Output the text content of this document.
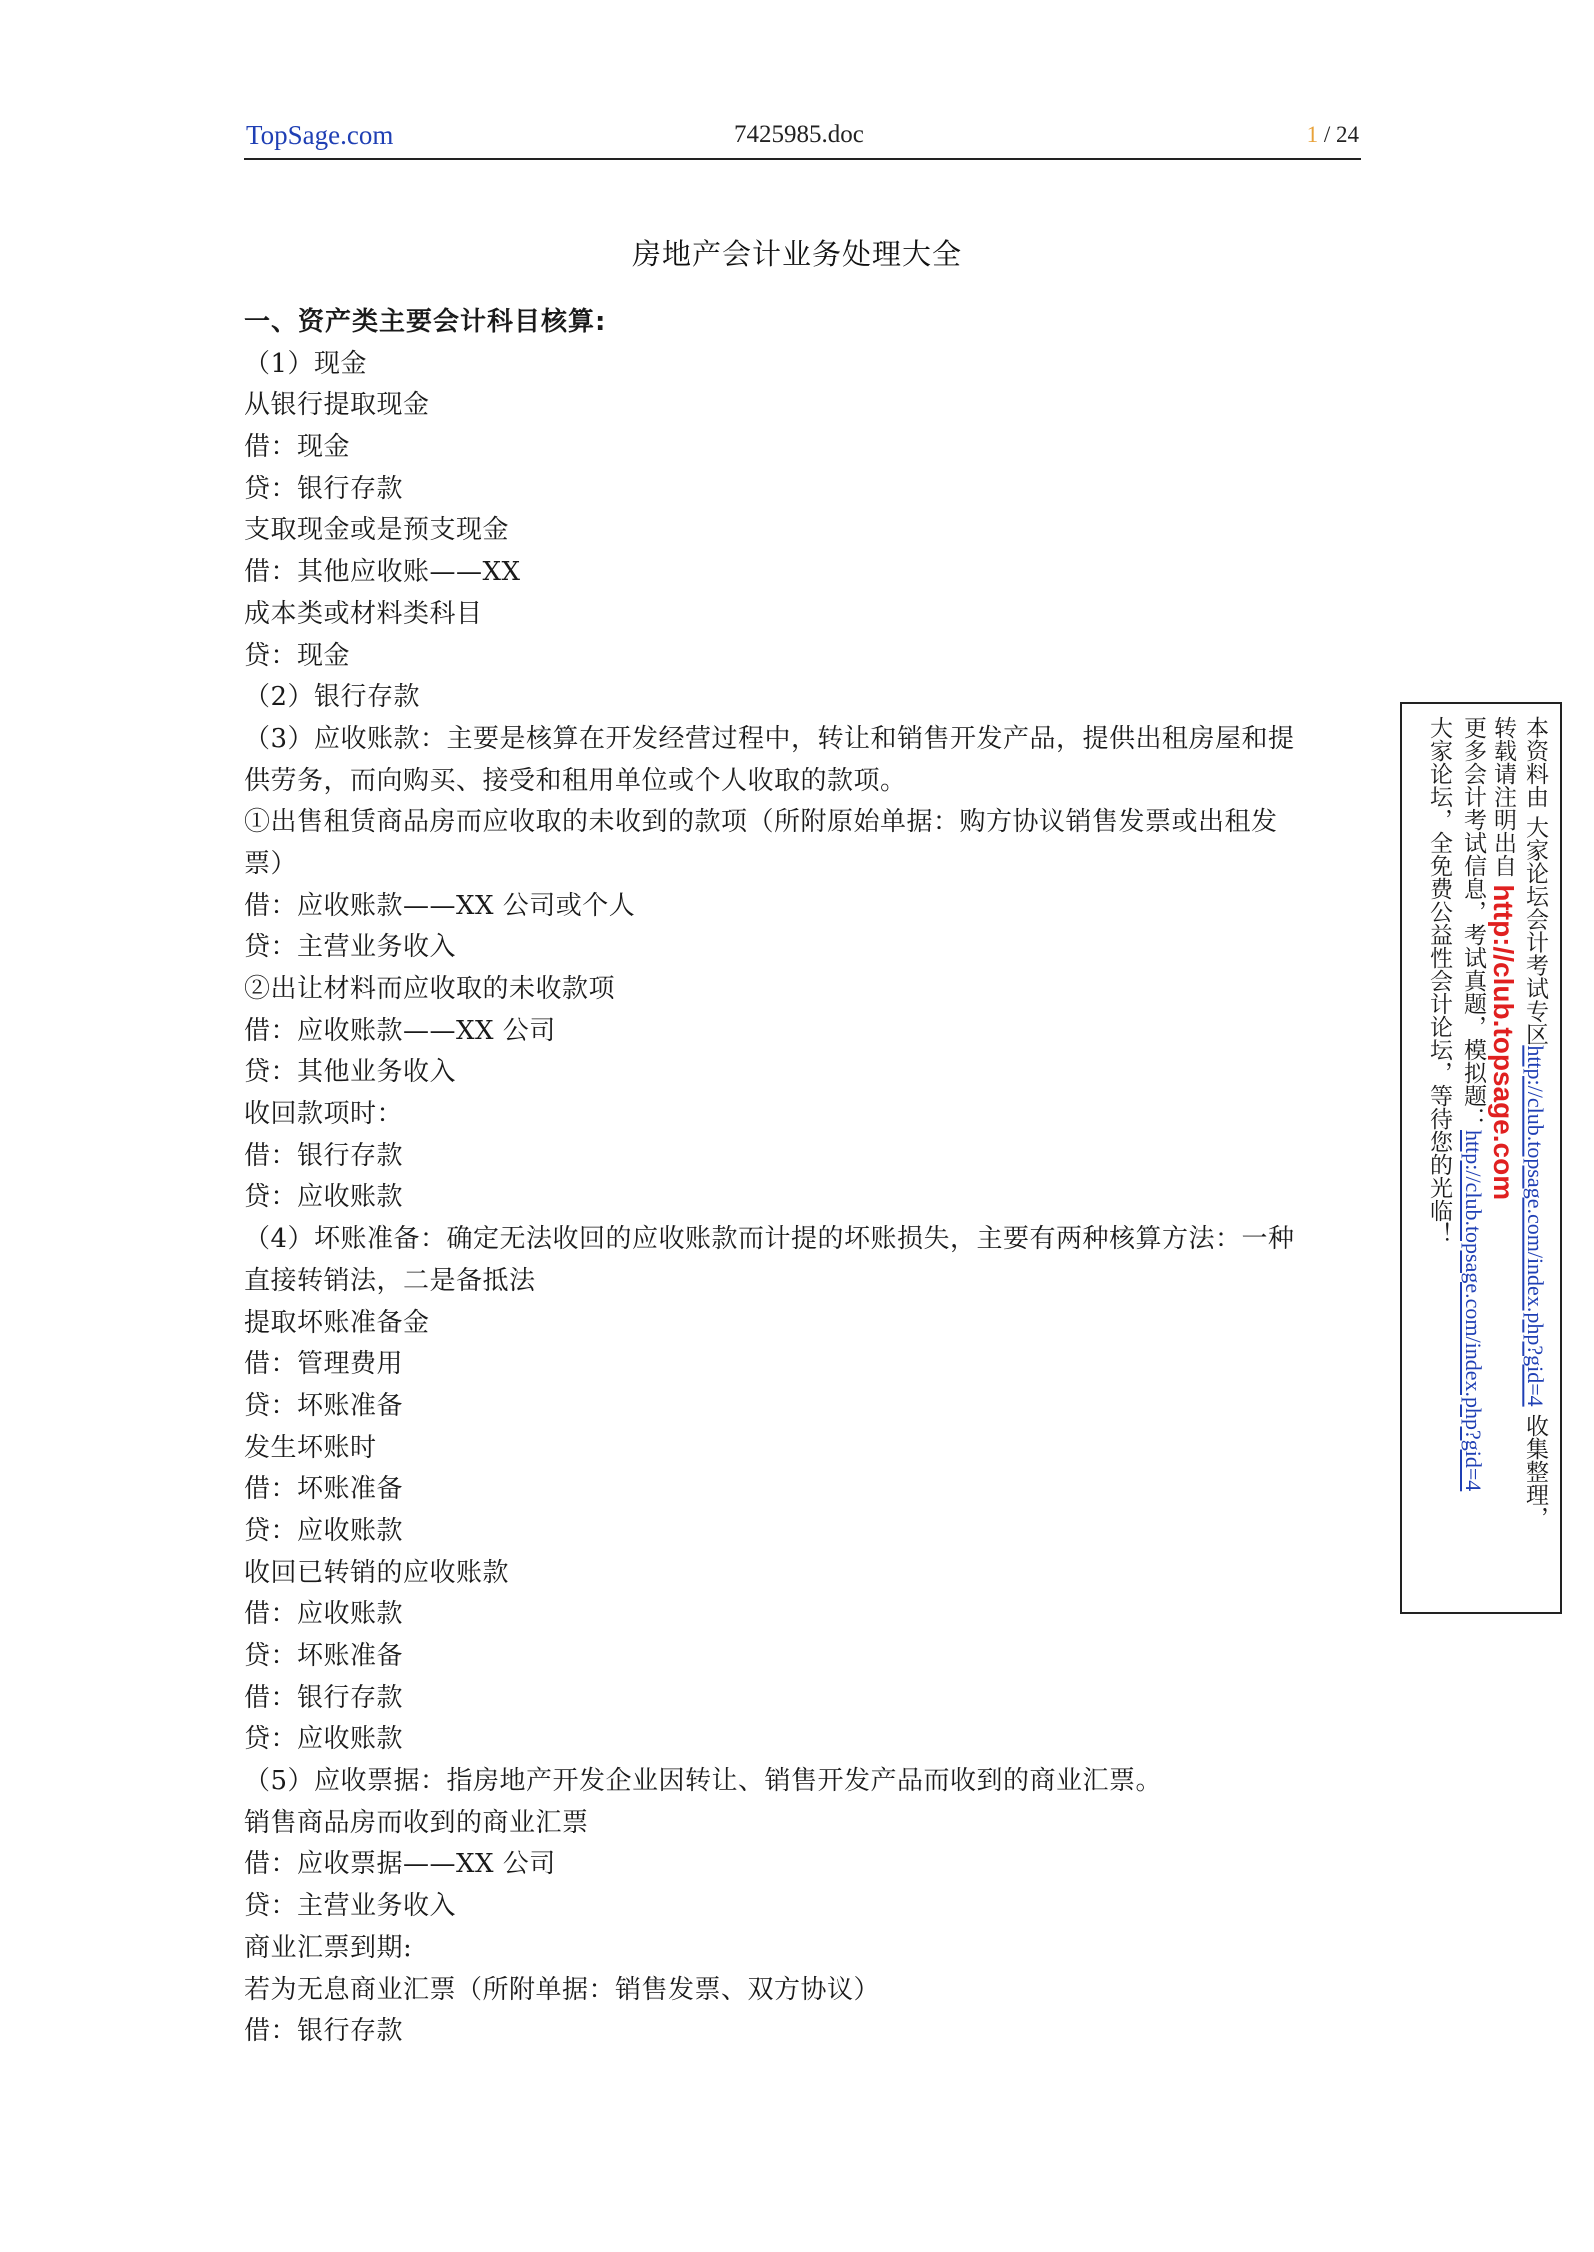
TopSage.com	7425985.doc	1 / 24
房地产会计业务处理大全
一、资产类主要会计科目核算:
（1）现金
从银行提取现金
借：现金
贷：银行存款
支取现金或是预支现金
借：其他应收账——XX
成本类或材料类科目
贷：现金
（2）银行存款
（3）应收账款：主要是核算在开发经营过程中，转让和销售开发产品，提供出租房屋和提
供劳务，而向购买、接受和租用单位或个人收取的款项。
①出售租赁商品房而应收取的未收到的款项（所附原始单据：购方协议销售发票或出租发
票）
借：应收账款——XX 公司或个人
贷：主营业务收入
②出让材料而应收取的未收款项
借：应收账款——XX 公司
贷：其他业务收入
收回款项时：
借：银行存款
贷：应收账款
（4）坏账准备：确定无法收回的应收账款而计提的坏账损失，主要有两种核算方法：一种
直接转销法，二是备抵法
提取坏账准备金
借：管理费用
贷：坏账准备
发生坏账时
借：坏账准备
贷：应收账款
收回已转销的应收账款
借：应收账款
贷：坏账准备
借：银行存款
贷：应收账款
（5）应收票据：指房地产开发企业因转让、销售开发产品而收到的商业汇票。
销售商品房而收到的商业汇票
借：应收票据——XX 公司
贷：主营业务收入
商业汇票到期:
若为无息商业汇票（所附单据：销售发票、双方协议）
借：银行存款
本资料由 大家论坛会计考试专区http://club.topsage.com/index.php?gid=4 收集整理，
转载请注明出自 http://club.topsage.com
更多会计考试信息，考试真题，模拟题：http://club.topsage.com/index.php?gid=4
大家论坛，全免费公益性会计论坛，等待您的光临！
